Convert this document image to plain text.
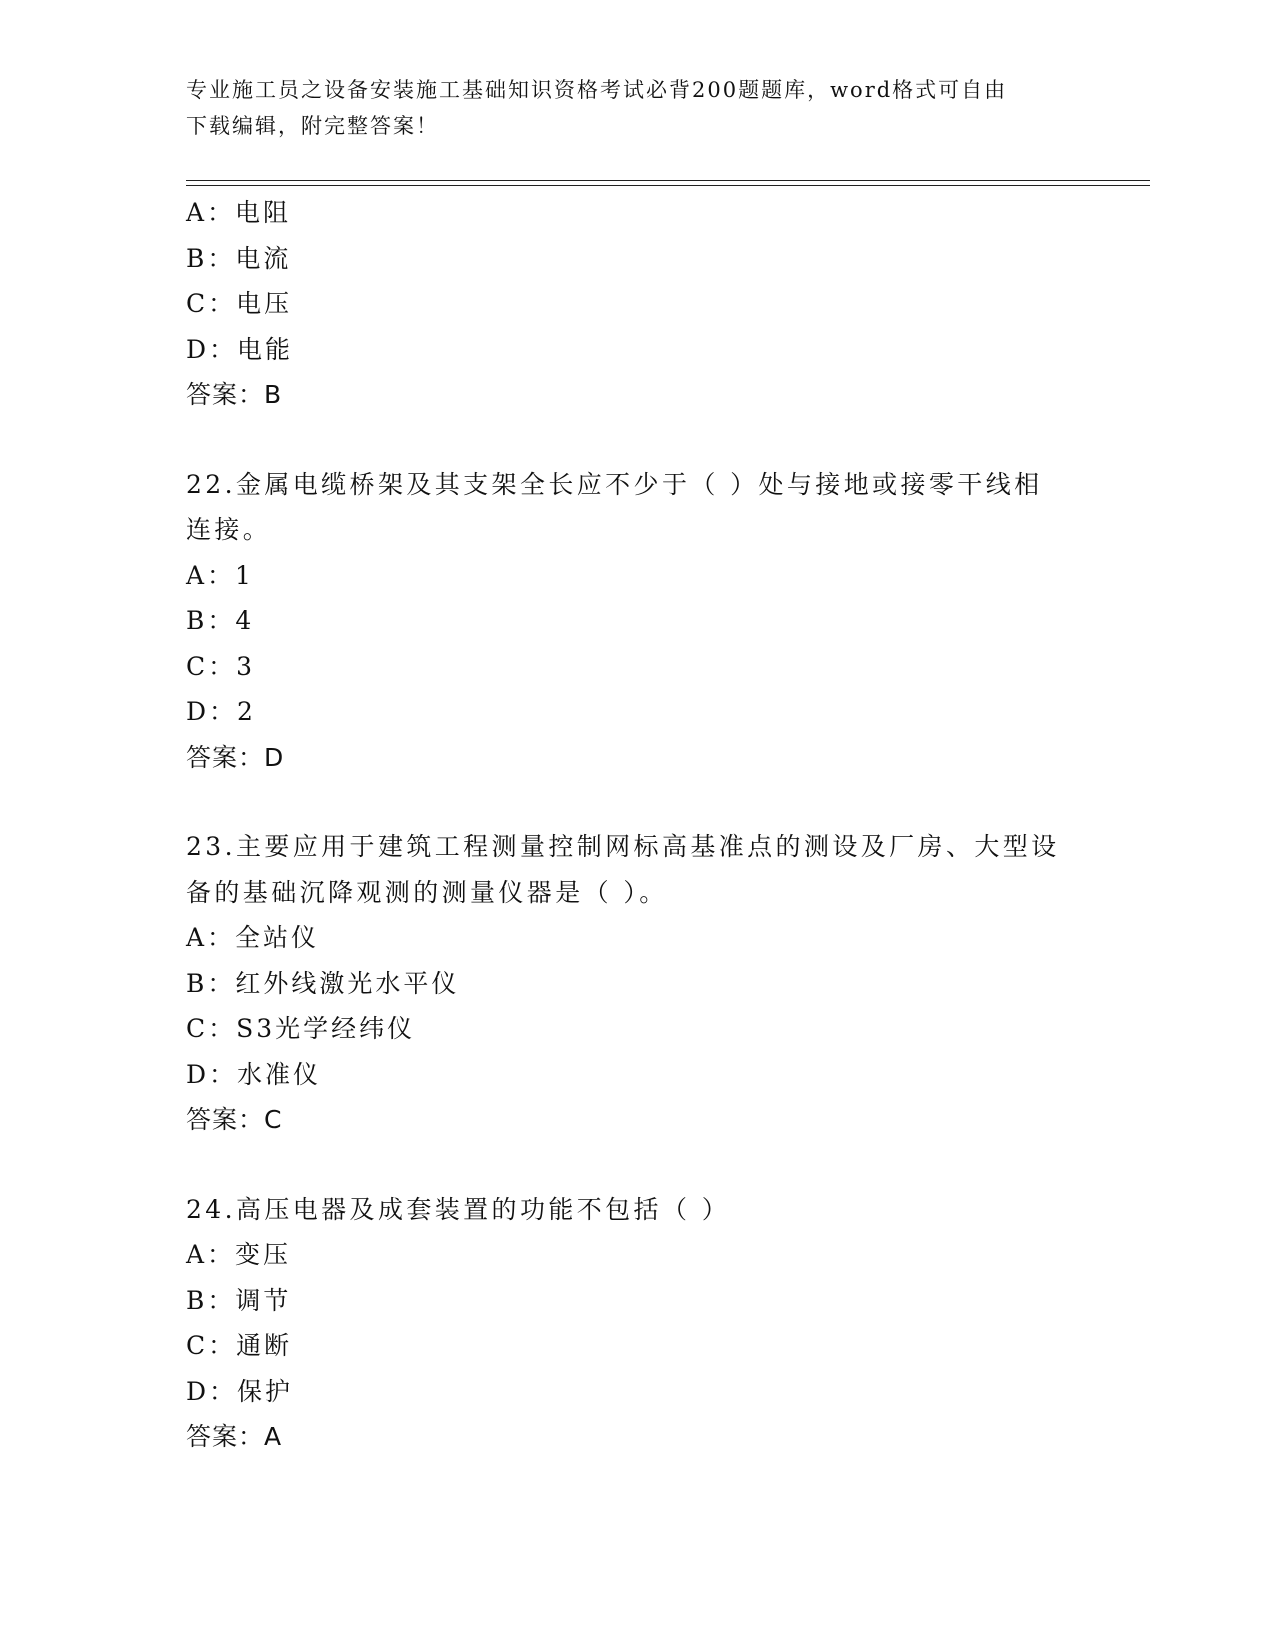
专业施工员之设备安装施工基础知识资格考试必背200题题库，word格式可自由
下载编辑，附完整答案！
A：电阻
B：电流
C：电压
D：电能
答案：B
22.金属电缆桥架及其支架全长应不少于（ ）处与接地或接零干线相
连接。
A：1
B：4
C：3
D：2
答案：D
23.主要应用于建筑工程测量控制网标高基准点的测设及厂房、大型设
备的基础沉降观测的测量仪器是（ ）。
A：全站仪
B：红外线激光水平仪
C：S3光学经纬仪
D：水准仪
答案：C
24.高压电器及成套装置的功能不包括（ ）
A：变压
B：调节
C：通断
D：保护
答案：A
